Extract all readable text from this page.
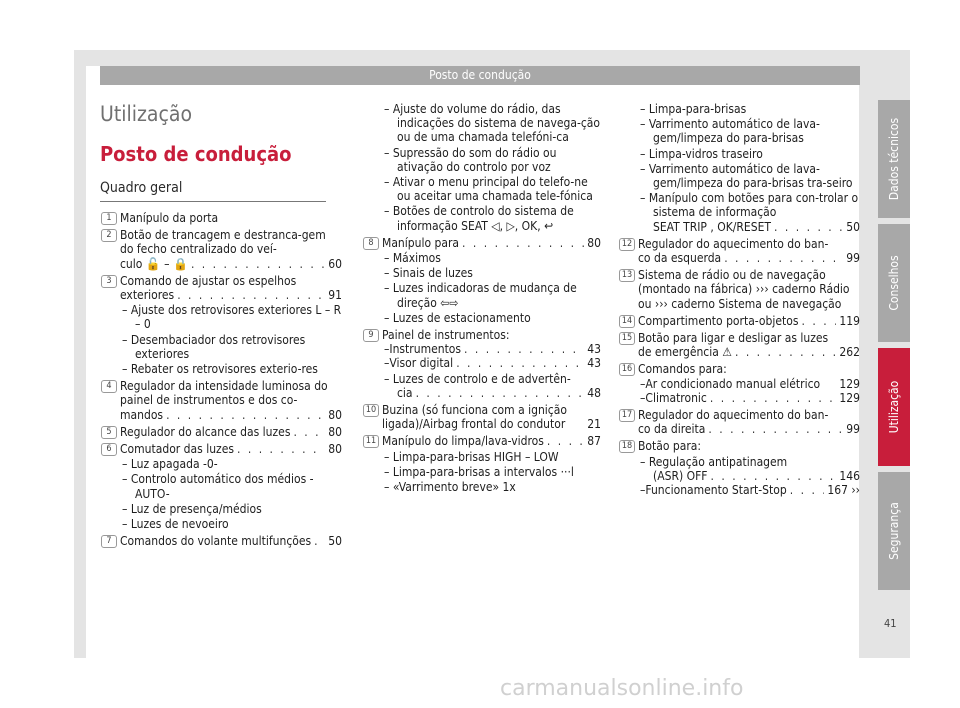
Posto de condução
Utilização
Posto de condução
Quadro geral
1 Manípulo da porta
2 Botão de trancagem e destranca-gem do fecho centralizado do veí-
culo 🔓 – 🔒 . . .	60
3 Comando de ajustar os espelhos
exteriores . . .	91
– Ajuste dos retrovisores exteriores L – R – 0
– Desembaciador dos retrovisores exteriores
– Rebater os retrovisores exterio-res
4 Regulador da intensidade luminosa do painel de instrumentos e dos co-
mandos . . .	80
5 Regulador do alcance das luzes . . .	80
6 Comutador das luzes . . .	80
– Luz apagada -0-
– Controlo automático dos médios - AUTO-
– Luz de presença/médios
– Luzes de nevoeiro
7 Comandos do volante multifunções . . . 50
– Ajuste do volume do rádio, das indicações do sistema de navega-ção ou de uma chamada telefóni-ca
– Supressão do som do rádio ou ativação do controlo por voz
– Ativar o menu principal do telefo-ne ou aceitar uma chamada tele-fónica
– Botões de controlo do sistema de informação SEAT ◁, ▷, OK, ↩
8 Manípulo para . . .	80
– Máximos
– Sinais de luzes
– Luzes indicadoras de mudança de direção ⇦⇨
– Luzes de estacionamento
9 Painel de instrumentos:
– Instrumentos . . .	43
– Visor digital . . .	43
– Luzes de controlo e de advertên-
cia . . .	48
10 Buzina (só funciona com a ignição
ligada)/Airbag frontal do condutor 21
11 Manípulo do limpa/lava-vidros . . .	87
– Limpa-para-brisas HIGH – LOW
– Limpa-para-brisas a intervalos ···l
– «Varrimento breve» 1x
– Limpa-para-brisas
– Varrimento automático de lava-gem/limpeza do para-brisas
– Limpa-vidros traseiro
– Varrimento automático de lava-gem/limpeza do para-brisas tra-seiro
– Manípulo com botões para con-trolar o sistema de informação
SEAT TRIP , OK/RESET . . .	50
12 Regulador do aquecimento do ban-
co da esquerda . . .	99
13 Sistema de rádio ou de navegação (montado na fábrica) ››› caderno Rádio ou ››› caderno Sistema de navegação
14 Compartimento porta-objetos . . .	119
15 Botão para ligar e desligar as luzes
de emergência ⚠ . . .	262
16 Comandos para:
– Ar condicionado manual elétrico 129
– Climatronic . . .	129
17 Regulador do aquecimento do ban-
co da direita . . .	99
18 Botão para:
– Regulação antipatinagem
(ASR) OFF . . .	146
– Funcionamento Start-Stop . . .	167 ››
Dados técnicos
Conselhos
Utilização
Segurança
41
carmanualsonline.info
